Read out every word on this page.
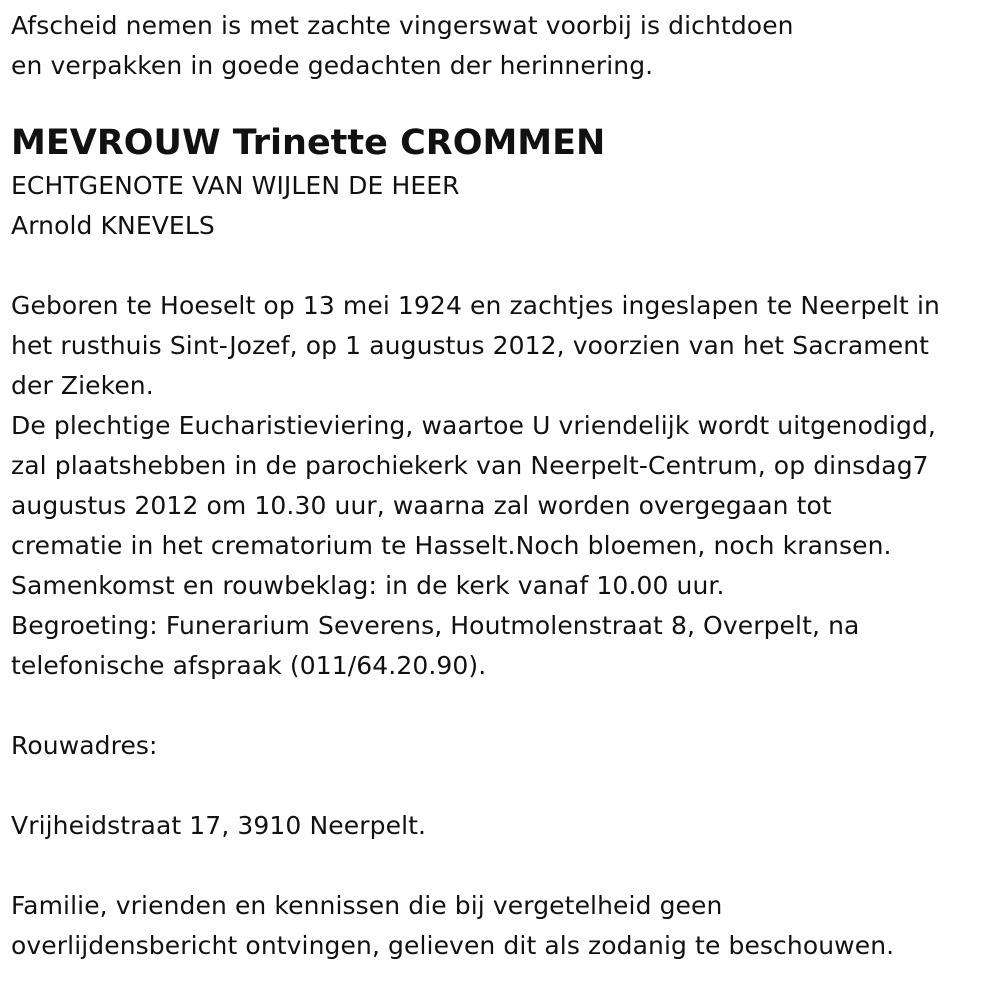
Afscheid nemen is met zachte vingerswat voorbij is dichtdoen
en verpakken in goede gedachten der herinnering.
MEVROUW Trinette CROMMEN
ECHTGENOTE VAN WIJLEN DE HEER
Arnold KNEVELS
Geboren te Hoeselt op 13 mei 1924 en zachtjes ingeslapen te Neerpelt in
het rusthuis Sint-Jozef, op 1 augustus 2012, voorzien van het Sacrament
der Zieken.
De plechtige Eucharistieviering, waartoe U vriendelijk wordt uitgenodigd,
zal plaatshebben in de parochiekerk van Neerpelt-Centrum, op dinsdag7
augustus 2012 om 10.30 uur, waarna zal worden overgegaan tot
crematie in het crematorium te Hasselt.Noch bloemen, noch kransen.
Samenkomst en rouwbeklag: in de kerk vanaf 10.00 uur.
Begroeting: Funerarium Severens, Houtmolenstraat 8, Overpelt, na
telefonische afspraak (011/64.20.90).
Rouwadres:
Vrijheidstraat 17, 3910 Neerpelt.
Familie, vrienden en kennissen die bij vergetelheid geen
overlijdensbericht ontvingen, gelieven dit als zodanig te beschouwen.
